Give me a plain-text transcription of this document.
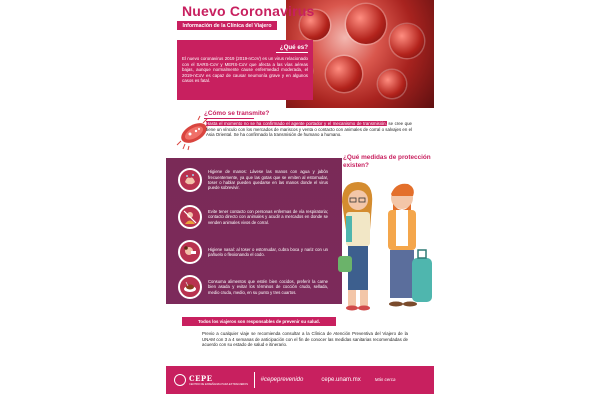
Nuevo Coronavirus
Información de la Clínica del Viajero
¿Qué es?
El nuevo coronavirus 2019 (2019-nCoV) es un virus relacionado con el SARS-CoV y MERS-CoV que afecta a las vías aéreas bajas, aunque normalmente cause enfermedad moderada, el 2019-nCoV es capaz de causar neumonía grave y en algunos casos es fatal.
¿Cómo se transmite?
Hasta el momento no se ha confirmado el agente portador y el mecanismo de transmisión, se cree que tiene un vínculo con los mercados de mariscos y venta o contacto con animales de corral o salvajes en el Asia Oriental. Se ha confirmado la transmisión de humano a humano.
¿Qué medidas de protección existen?
Higiene de manos: Lávese las manos con agua y jabón frecuentemente, ya que las gotas que se emiten al estornudar, toser o hablar pueden quedarse en las manos donde el virus puede sobrevivir.
Evite tener contacto con personas enfermas de vía respiratoria; contacto directo con animales y acudir a mercados en donde se venden animales vivos de corral.
Higiene nasal: al toser o estornudar, cubra boca y nariz con un pañuelo o flexionando el codo.
Consuma alimentos que estén bien cocidos, preferir la carne bien asada y evitar los términos de cocción crudo, sellada, medio cruda, medio, en su punto y tres cuartos.
Todos los viajeros son responsables de prevenir su salud.
Previo a cualquier viaje se recomienda consultar a la Clínica de Atención Preventiva del Viajero de la UNAM con 3 a 4 semanas de anticipación con el fin de conocer las medidas sanitarias recomendadas de acuerdo con su estado de salud e itinerario.
CEPE
CENTRO DE ENSEÑANZA PARA EXTRANJEROS
#cepeprevenido	cepe.unam.mx	Más cerca
